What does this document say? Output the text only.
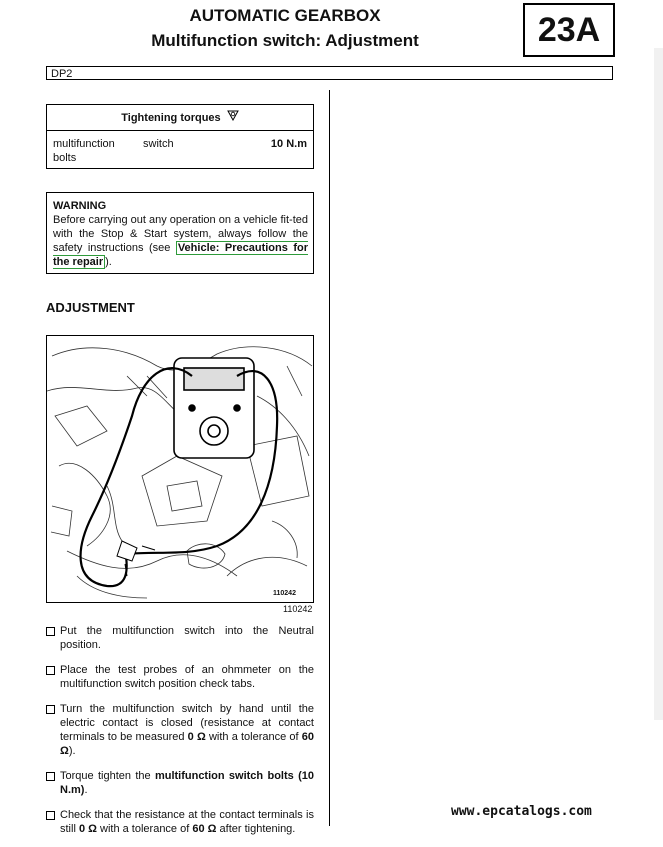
AUTOMATIC GEARBOX
Multifunction switch: Adjustment	23A
DP2
Tightening torques
multifunction
bolts
switch	10 N.m
WARNING
Before carrying out any operation on a vehicle fit-ted with the Stop & Start system, always follow the safety instructions (see Vehicle: Precautions for the repair ).
ADJUSTMENT
110242
110242
Put the multifunction switch into the Neutral position.
Place the test probes of an ohmmeter on the multifunction switch position check tabs.
Turn the multifunction switch by hand until the electric contact is closed (resistance at contact terminals to be measured 0 Ω with a tolerance of 60 Ω).
Torque tighten the multifunction switch bolts (10 N.m).
Check that the resistance at the contact terminals is still 0 Ω with a tolerance of 60 Ω after tightening.
www.epcatalogs.com
